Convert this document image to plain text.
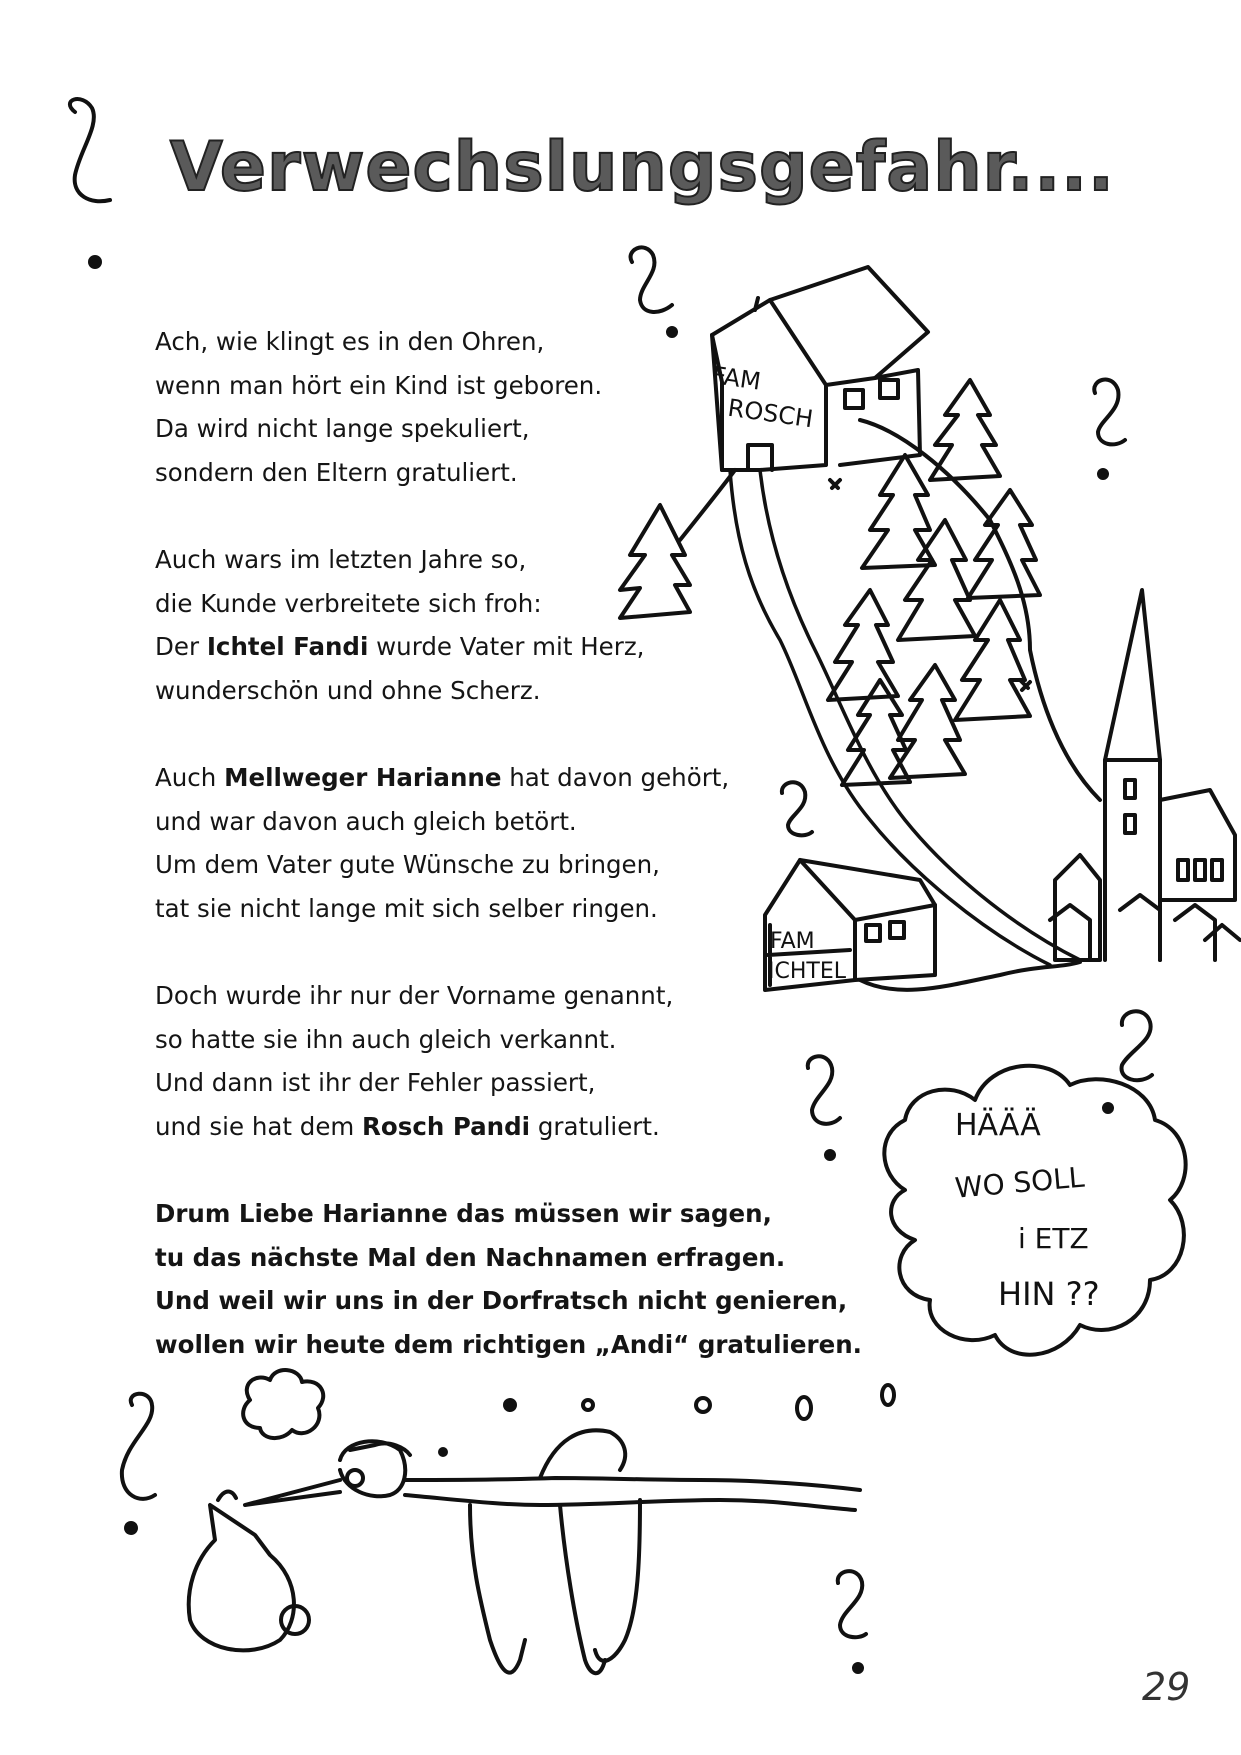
Verwechslungsgefahr....
Ach, wie klingt es in den Ohren,
wenn man hört ein Kind ist geboren.
Da wird nicht lange spekuliert,
sondern den Eltern gratuliert.
Auch wars im letzten Jahre so,
die Kunde verbreitete sich froh:
Der Ichtel Fandi wurde Vater mit Herz,
wunderschön und ohne Scherz.
Auch Mellweger Harianne hat davon gehört,
und war davon auch gleich betört.
Um dem Vater gute Wünsche zu bringen,
tat sie nicht lange mit sich selber ringen.
Doch wurde ihr nur der Vorname genannt,
so hatte sie ihn auch gleich verkannt.
Und dann ist ihr der Fehler passiert,
und sie hat dem Rosch Pandi gratuliert.
Drum Liebe Harianne das müssen wir sagen,
tu das nächste Mal den Nachnamen erfragen.
Und weil wir uns in der Dorfratsch nicht genieren,
wollen wir heute dem richtigen „Andi“ gratulieren.
FAM
ROSCH
FAM
ICHTEL
HÄÄÄ
WO SOLL
i ETZ
HIN ??
29
